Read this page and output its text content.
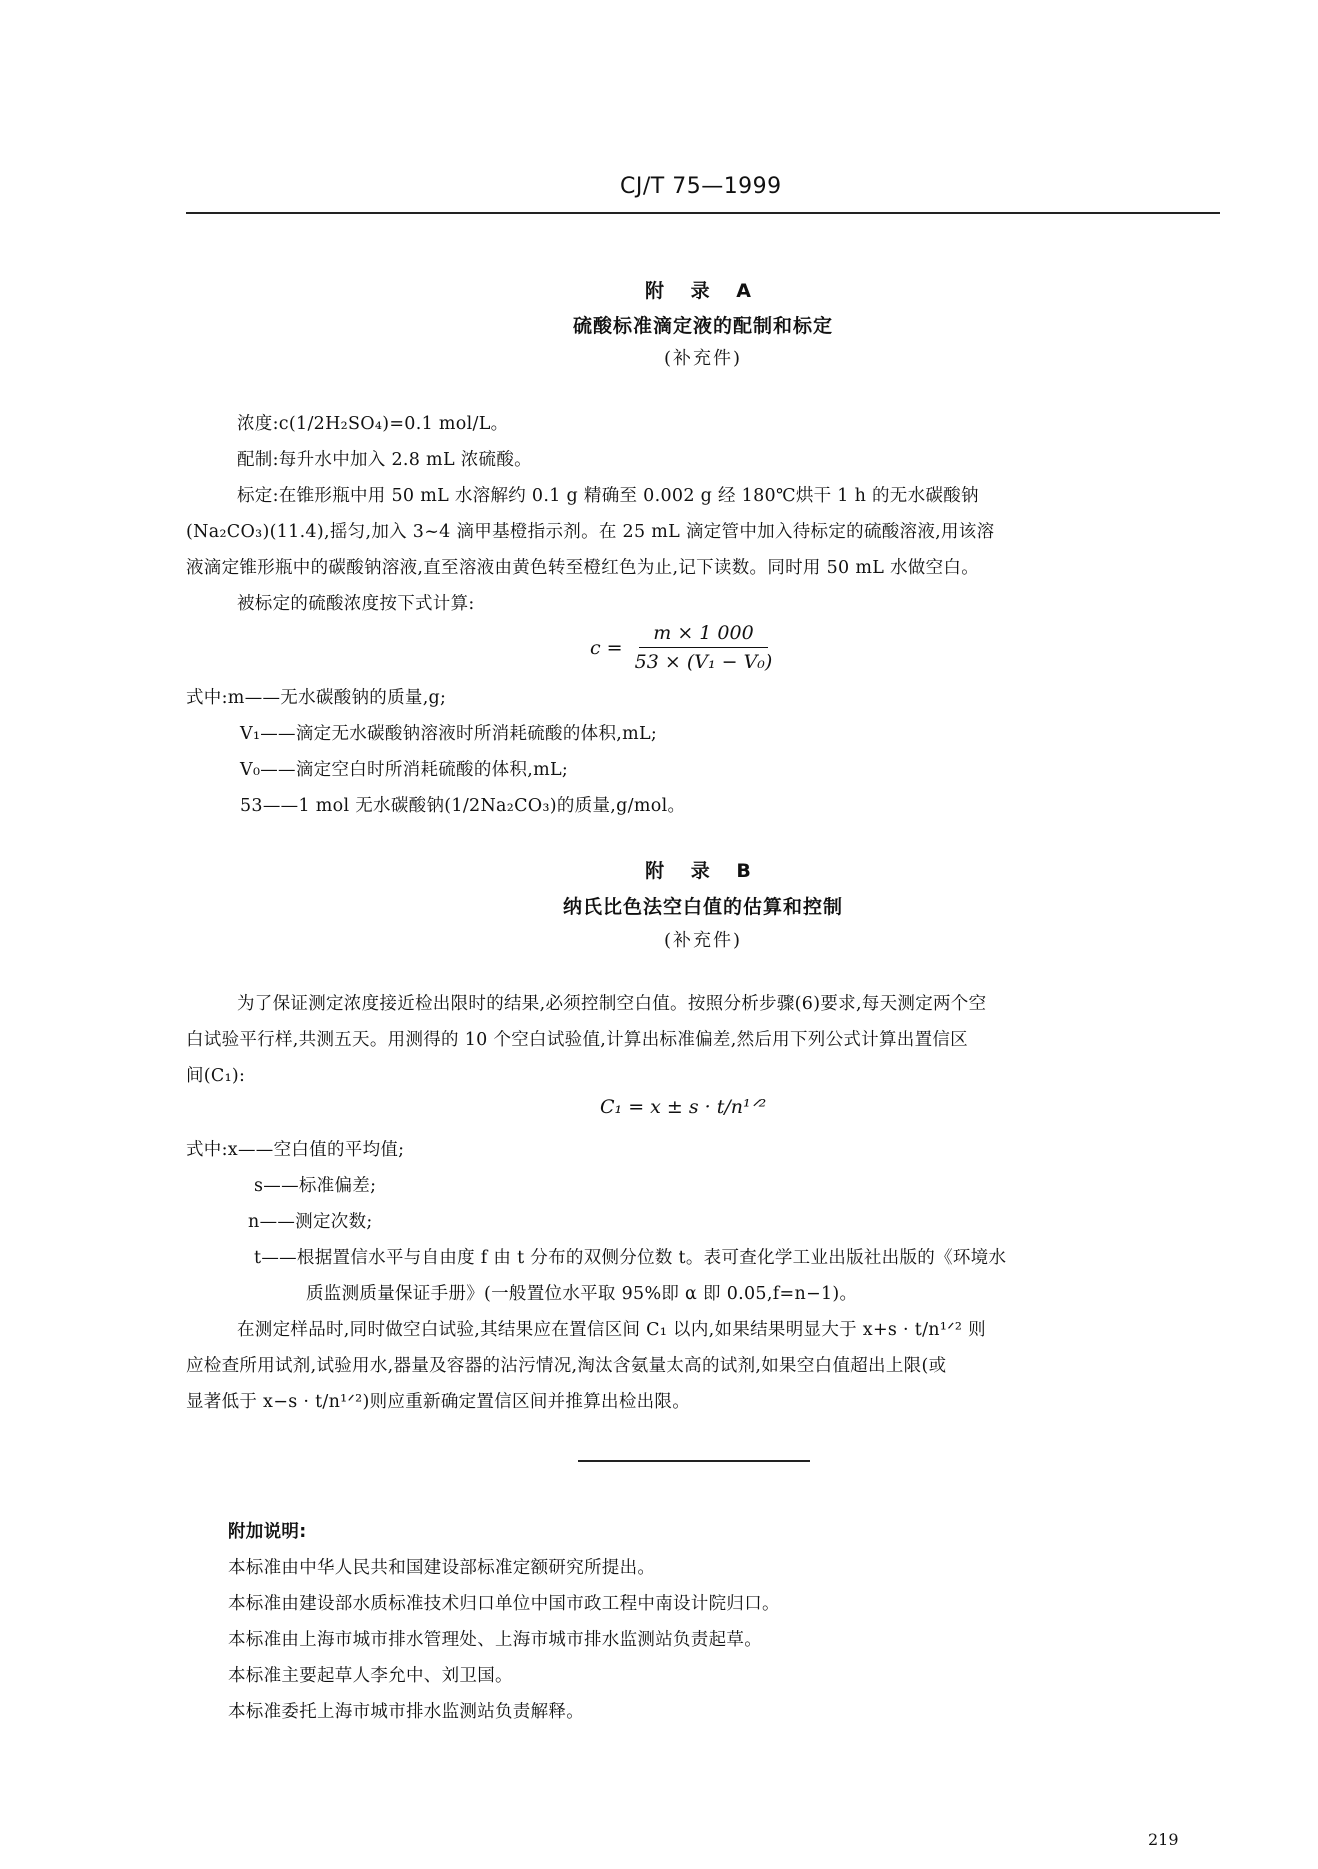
CJ/T 75—1999
附 录 A
硫酸标准滴定液的配制和标定
(补充件)
浓度:c(1/2H₂SO₄)=0.1 mol/L。
配制:每升水中加入 2.8 mL 浓硫酸。
标定:在锥形瓶中用 50 mL 水溶解约 0.1 g 精确至 0.002 g 经 180℃烘干 1 h 的无水碳酸钠
(Na₂CO₃)(11.4),摇匀,加入 3~4 滴甲基橙指示剂。在 25 mL 滴定管中加入待标定的硫酸溶液,用该溶
液滴定锥形瓶中的碳酸钠溶液,直至溶液由黄色转至橙红色为止,记下读数。同时用 50 mL 水做空白。
被标定的硫酸浓度按下式计算:
$c = \frac{m \times 1 000}{\text{53 × (V₁ − V₀)}}$
式中:m——无水碳酸钠的质量,g;
V₁——滴定无水碳酸钠溶液时所消耗硫酸的体积,mL;
V₀——滴定空白时所消耗硫酸的体积,mL;
53——1 mol 无水碳酸钠(1/2Na₂CO₃)的质量,g/mol。
附 录 B
纳氏比色法空白值的估算和控制
(补充件)
为了保证测定浓度接近检出限时的结果,必须控制空白值。按照分析步骤(6)要求,每天测定两个空
白试验平行样,共测五天。用测得的 10 个空白试验值,计算出标准偏差,然后用下列公式计算出置信区
间(C₁):
C₁ = x ± s · t/n¹ᐟ²
式中:x——空白值的平均值;
s——标准偏差;
n——测定次数;
t——根据置信水平与自由度 f 由 t 分布的双侧分位数 t。表可查化学工业出版社出版的《环境水
质监测质量保证手册》(一般置位水平取 95%即 α 即 0.05,f=n−1)。
在测定样品时,同时做空白试验,其结果应在置信区间 C₁ 以内,如果结果明显大于 x+s · t/n¹ᐟ² 则
应检查所用试剂,试验用水,器量及容器的沾污情况,淘汰含氨量太高的试剂,如果空白值超出上限(或
显著低于 x−s · t/n¹ᐟ²)则应重新确定置信区间并推算出检出限。
附加说明:
本标准由中华人民共和国建设部标准定额研究所提出。
本标准由建设部水质标准技术归口单位中国市政工程中南设计院归口。
本标准由上海市城市排水管理处、上海市城市排水监测站负责起草。
本标准主要起草人李允中、刘卫国。
本标准委托上海市城市排水监测站负责解释。
219
